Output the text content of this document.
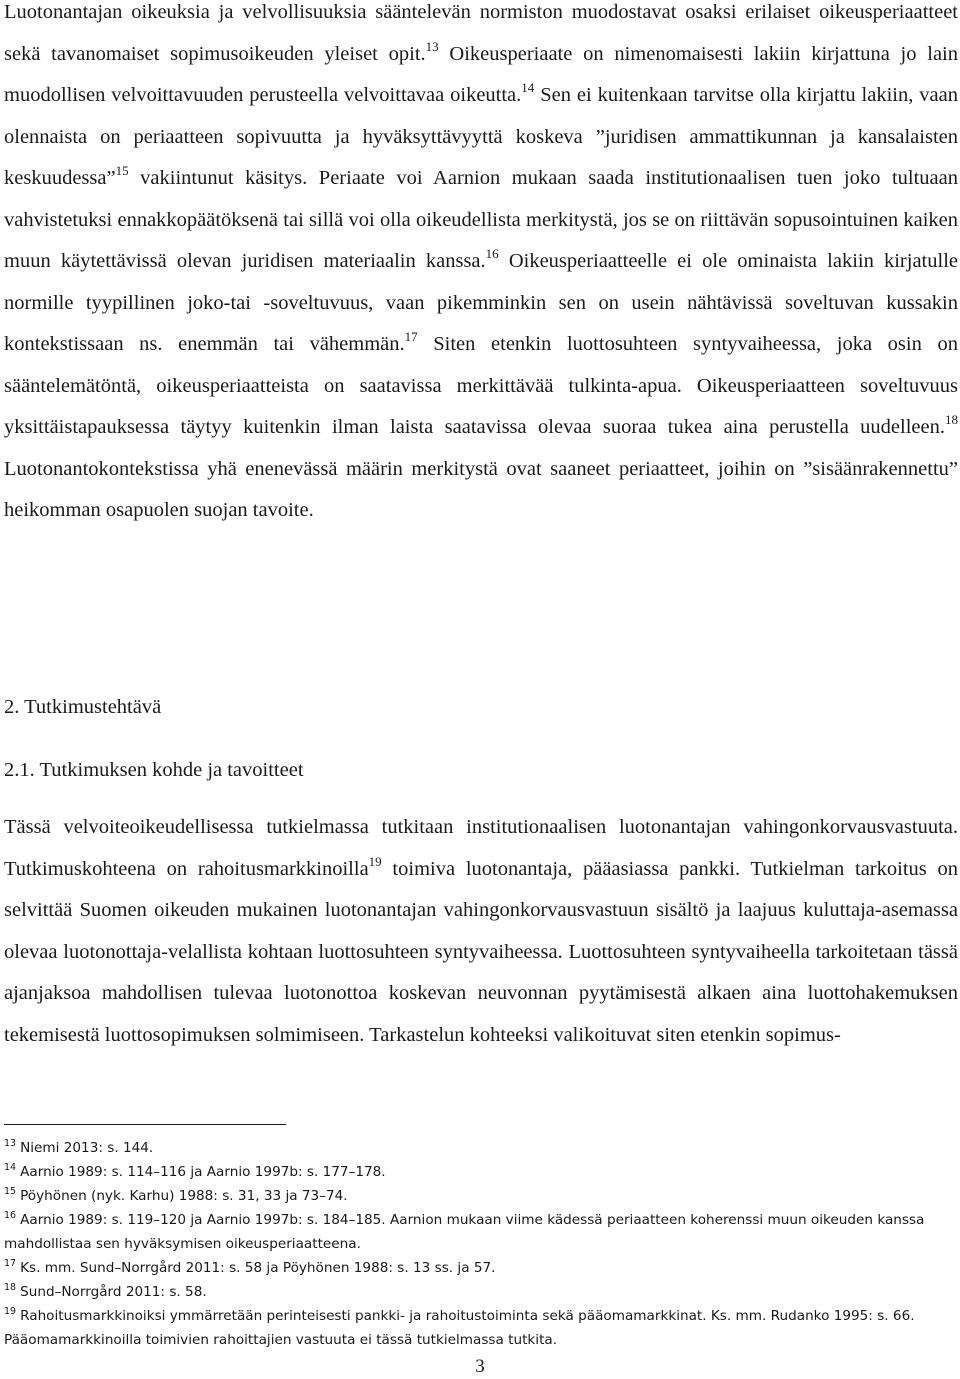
Luotonantajan oikeuksia ja velvollisuuksia sääntelevän normiston muodostavat osaksi erilaiset oikeusperiaatteet sekä tavanomaiset sopimusoikeuden yleiset opit.$^{13}$ Oikeusperiaate on nimenomaisesti lakiin kirjattuna jo lain muodollisen velvoittavuuden perusteella velvoittavaa oikeutta.$^{14}$ Sen ei kuitenkaan tarvitse olla kirjattu lakiin, vaan olennaista on periaatteen sopivuutta ja hyväksyttävyyttä koskeva ”juridisen ammattikunnan ja kansalaisten keskuudessa”$^{15}$ vakiintunut käsitys. Periaate voi Aarnion mukaan saada institutionaalisen tuen joko tultuaan vahvistetuksi ennakkopäätöksenä tai sillä voi olla oikeudellista merkitystä, jos se on riittävän sopusointuinen kaiken muun käytettävissä olevan juridisen materiaalin kanssa.$^{16}$ Oikeusperiaatteelle ei ole ominaista lakiin kirjatulle normille tyypillinen joko-tai -soveltuvuus, vaan pikemminkin sen on usein nähtävissä soveltuvan kussakin kontekstissaan ns. enemmän tai vähemmän.$^{17}$ Siten etenkin luottosuhteen syntyvaiheessa, joka osin on sääntelemätöntä, oikeusperiaatteista on saatavissa merkittävää tulkinta-apua. Oikeusperiaatteen soveltuvuus yksittäistapauksessa täytyy kuitenkin ilman laista saatavissa olevaa suoraa tukea aina perustella uudelleen.$^{18}$ Luotonantokontekstissa yhä enenevässä määrin merkitystä ovat saaneet periaatteet, joihin on ”sisäänrakennettu” heikomman osapuolen suojan tavoite.

2. Tutkimustehtävä
2.1. Tutkimuksen kohde ja tavoitteet

Tässä velvoiteoikeudellisessa tutkielmassa tutkitaan institutionaalisen luotonantajan vahingonkorvausvastuuta. Tutkimuskohteena on rahoitusmarkkinoilla$^{19}$ toimiva luotonantaja, pääasiassa pankki. Tutkielman tarkoitus on selvittää Suomen oikeuden mukainen luotonantajan vahingonkorvausvastuun sisältö ja laajuus kuluttaja-asemassa olevaa luotonottaja-velallista kohtaan luottosuhteen syntyvaiheessa. Luottosuhteen syntyvaiheella tarkoitetaan tässä ajanjaksoa mahdollisen tulevaa luotonottoa koskevan neuvonnan pyytämisestä alkaen aina luottohakemuksen tekemisestä luottosopimuksen solmimiseen. Tarkastelun kohteeksi valikoituvat siten etenkin sopimus-

$^{13}$ Niemi 2013: s. 144.
$^{14}$ Aarnio 1989: s. 114–116 ja Aarnio 1997b: s. 177–178.
$^{15}$ Pöyhönen (nyk. Karhu) 1988: s. 31, 33 ja 73–74.
$^{16}$ Aarnio 1989: s. 119–120 ja Aarnio 1997b: s. 184–185. Aarnion mukaan viime kädessä periaatteen koherenssi muun oikeuden kanssa mahdollistaa sen hyväksymisen oikeusperiaatteena.
$^{17}$ Ks. mm. Sund–Norrgård 2011: s. 58 ja Pöyhönen 1988: s. 13 ss. ja 57.
$^{18}$ Sund–Norrgård 2011: s. 58.
$^{19}$ Rahoitusmarkkinoiksi ymmärretään perinteisesti pankki- ja rahoitustoiminta sekä pääomamarkkinat. Ks. mm. Rudanko 1995: s. 66. Pääomamarkkinoilla toimivien rahoittajien vastuuta ei tässä tutkielmassa tutkita.
3
